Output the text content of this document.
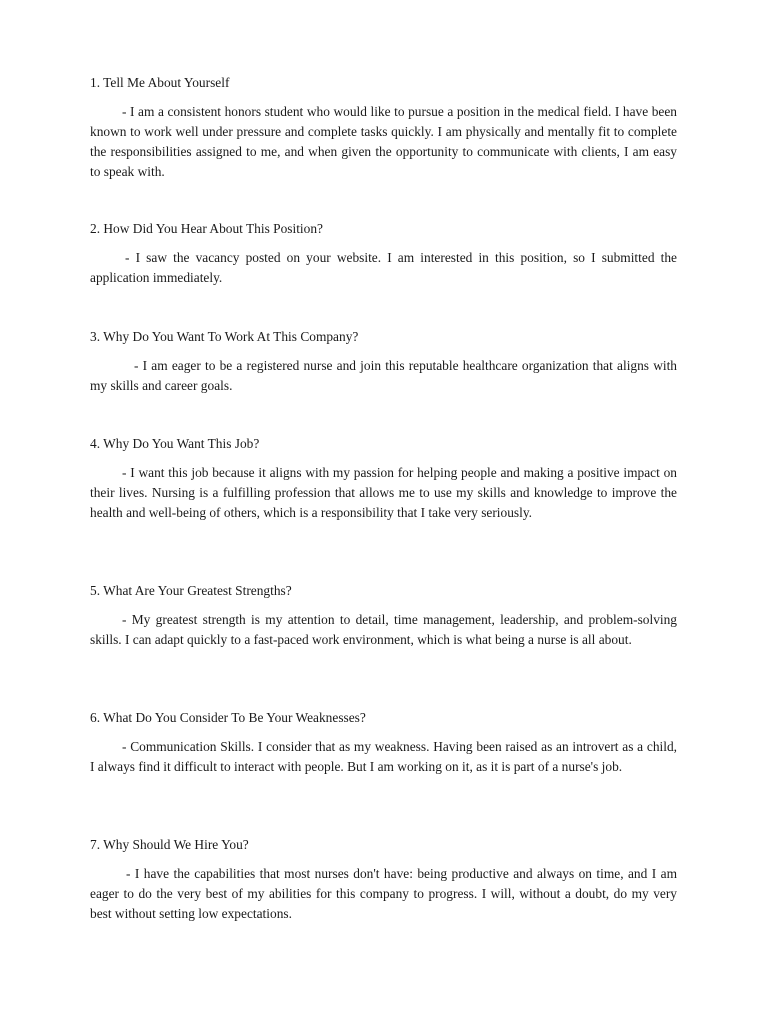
1. Tell Me About Yourself

- I am a consistent honors student who would like to pursue a position in the medical field. I have been known to work well under pressure and complete tasks quickly. I am physically and mentally fit to complete the responsibilities assigned to me, and when given the opportunity to communicate with clients, I am easy to speak with.

2. How Did You Hear About This Position?

- I saw the vacancy posted on your website. I am interested in this position, so I submitted the application immediately.

3. Why Do You Want To Work At This Company?

- I am eager to be a registered nurse and join this reputable healthcare organization that aligns with my skills and career goals.

4. Why Do You Want This Job?

- I want this job because it aligns with my passion for helping people and making a positive impact on their lives. Nursing is a fulfilling profession that allows me to use my skills and knowledge to improve the health and well-being of others, which is a responsibility that I take very seriously.

5. What Are Your Greatest Strengths?

- My greatest strength is my attention to detail, time management, leadership, and problem-solving skills. I can adapt quickly to a fast-paced work environment, which is what being a nurse is all about.

6. What Do You Consider To Be Your Weaknesses?

- Communication Skills. I consider that as my weakness. Having been raised as an introvert as a child, I always find it difficult to interact with people. But I am working on it, as it is part of a nurse's job.

7. Why Should We Hire You?

- I have the capabilities that most nurses don't have: being productive and always on time, and I am eager to do the very best of my abilities for this company to progress. I will, without a doubt, do my very best without setting low expectations.
